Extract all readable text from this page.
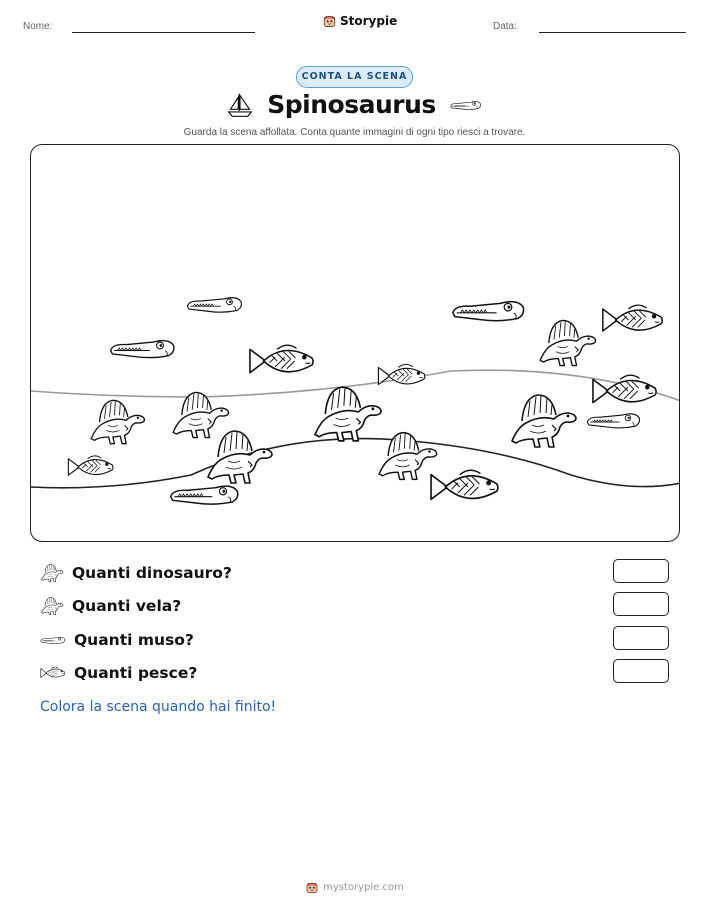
Nome:	Storypie	Data:
CONTA LA SCENA
Spinosaurus
Guarda la scena affollata. Conta quante immagini di ogni tipo riesci a trovare.
Quanti dinosauro?
Quanti vela?
Quanti muso?
Quanti pesce?
Colora la scena quando hai finito!
mystorypie.com
